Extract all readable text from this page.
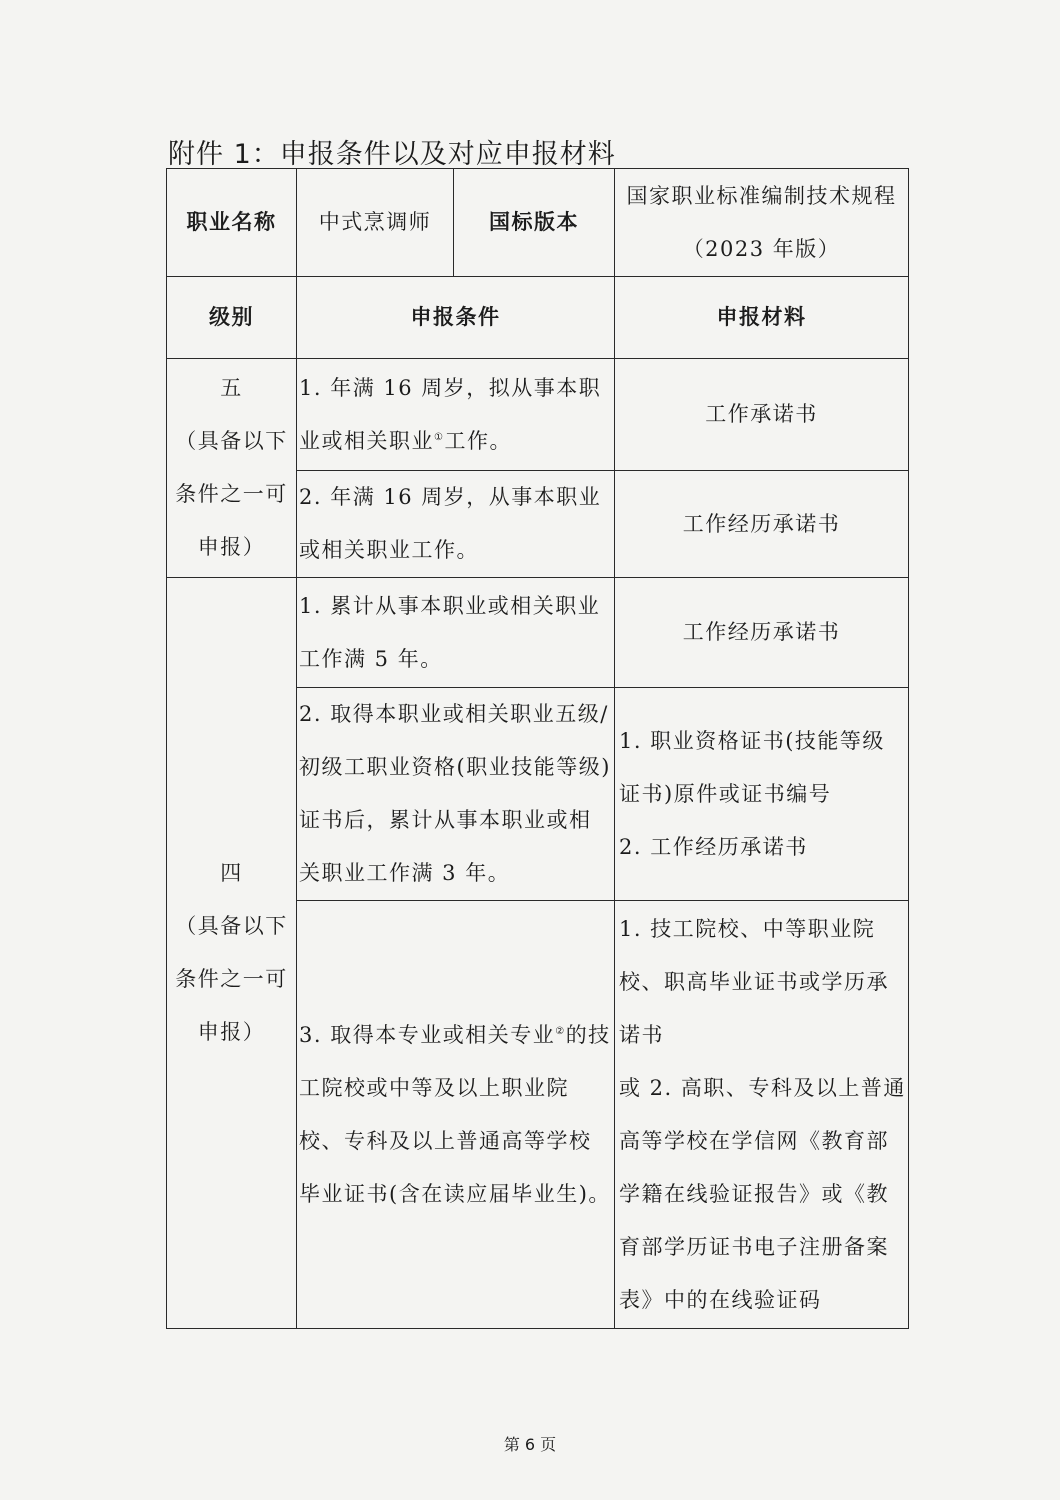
附件 1：申报条件以及对应申报材料
职业名称	中式烹调师	国标版本	国家职业标准编制技术规程（2023 年版）
级别	申报条件		申报材料

五
（具备以下条件之一可申报）	1. 年满 16 周岁，拟从事本职业或相关职业①工作。		工作承诺书
	2. 年满 16 周岁，从事本职业或相关职业工作。		工作经历承诺书

四
（具备以下条件之一可申报）	1. 累计从事本职业或相关职业工作满 5 年。		工作经历承诺书
	2. 取得本职业或相关职业五级/初级工职业资格(职业技能等级)证书后，累计从事本职业或相关职业工作满 3 年。		1. 职业资格证书(技能等级证书)原件或证书编号
2. 工作经历承诺书

	3. 取得本专业或相关专业②的技工院校或中等及以上职业院校、专科及以上普通高等学校毕业证书(含在读应届毕业生)。		1. 技工院校、中等职业院校、职高毕业证书或学历承诺书
或 2. 高职、专科及以上普通高等学校在学信网《教育部学籍在线验证报告》或《教育部学历证书电子注册备案表》中的在线验证码
第 6 页
